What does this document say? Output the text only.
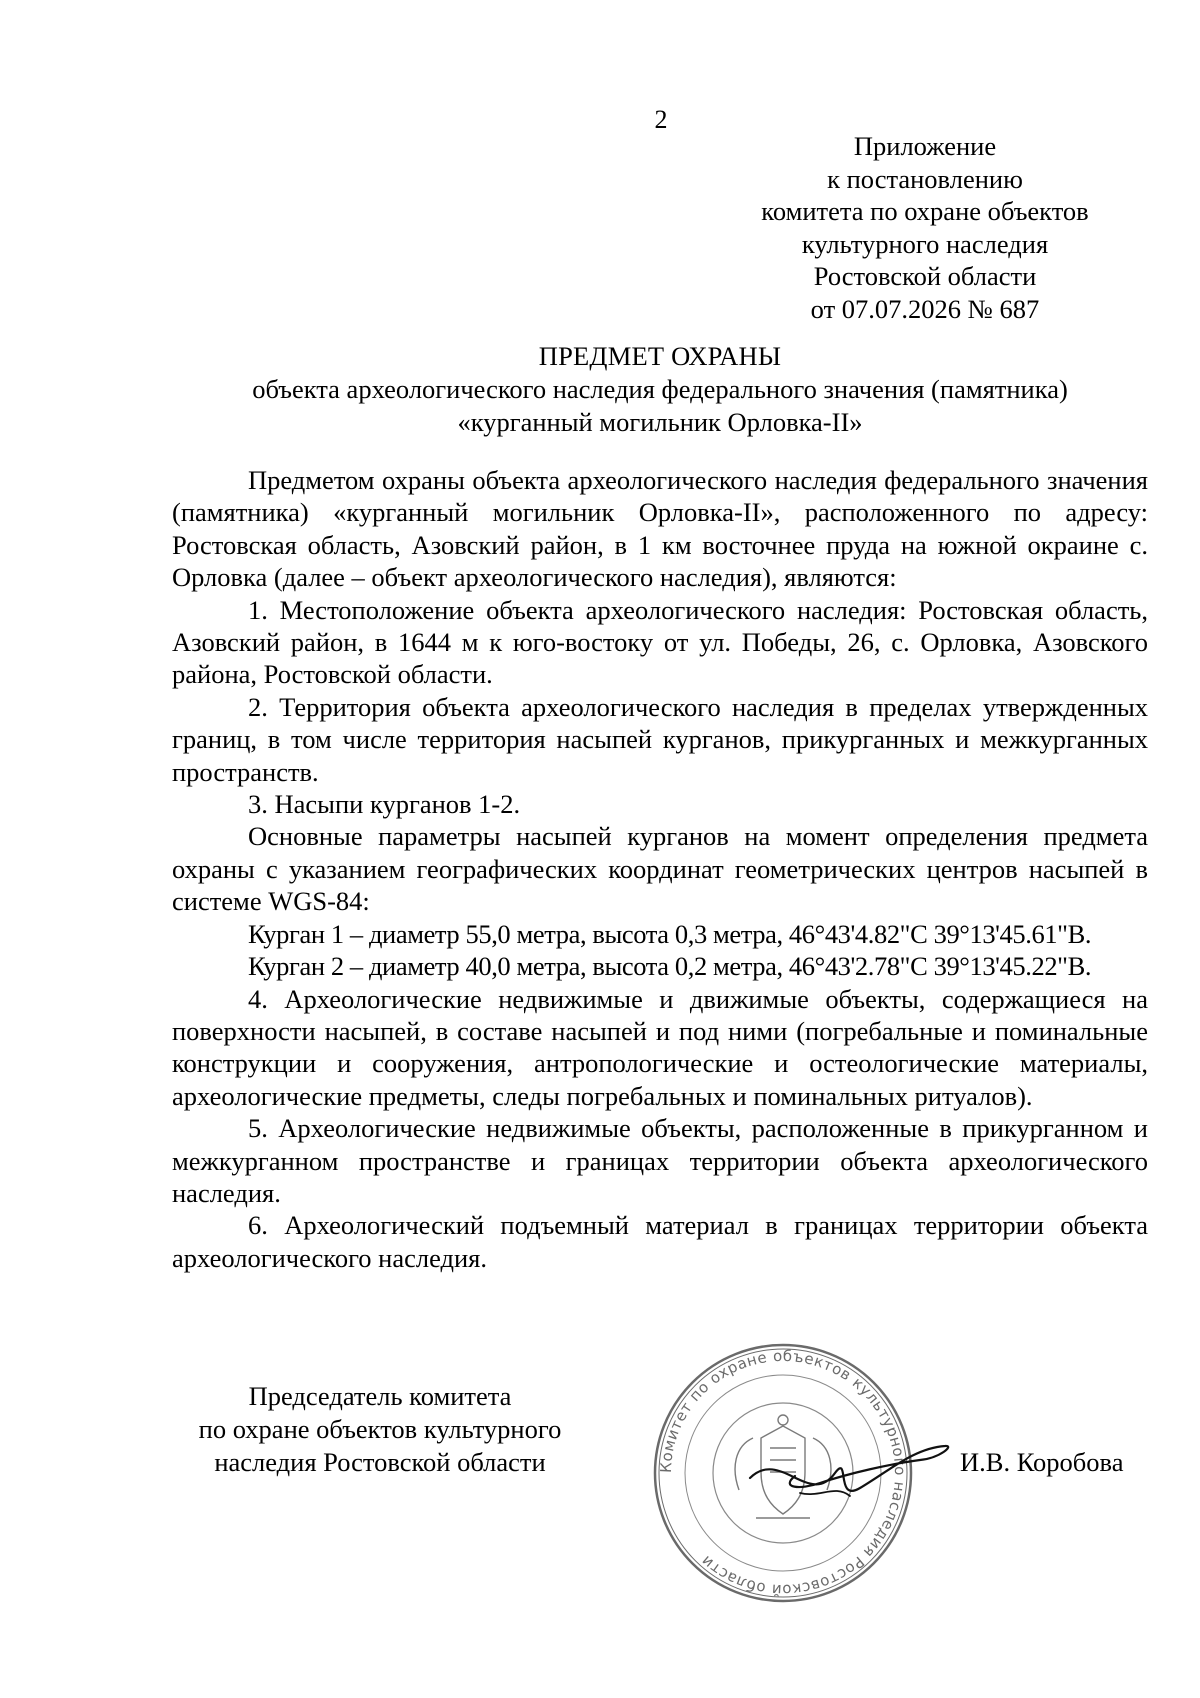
2
Приложение
к постановлению
комитета по охране объектов
культурного наследия
Ростовской области
от 07.07.2026 № 687
ПРЕДМЕТ ОХРАНЫ
объекта археологического наследия федерального значения (памятника)
«курганный могильник Орловка-II»

Предметом охраны объекта археологического наследия федерального значения (памятника) «курганный могильник Орловка-II», расположенного по адресу: Ростовская область, Азовский район, в 1 км восточнее пруда на южной окраине с. Орловка (далее – объект археологического наследия), являются:

1. Местоположение объекта археологического наследия: Ростовская область, Азовский район, в 1644 м к юго-востоку от ул. Победы, 26, с. Орловка, Азовского района, Ростовской области.

2. Территория объекта археологического наследия в пределах утвержденных границ, в том числе территория насыпей курганов, прикурганных и межкурганных пространств.

3. Насыпи курганов 1-2.

Основные параметры насыпей курганов на момент определения предмета охраны с указанием географических координат геометрических центров насыпей в системе WGS-84:

Курган 1 – диаметр 55,0 метра, высота 0,3 метра, 46°43'4.82"С 39°13'45.61"В.

Курган 2 – диаметр 40,0 метра, высота 0,2 метра, 46°43'2.78"С 39°13'45.22"В.

4. Археологические недвижимые и движимые объекты, содержащиеся на поверхности насыпей, в составе насыпей и под ними (погребальные и поминальные конструкции и сооружения, антропологические и остеологические материалы, археологические предметы, следы погребальных и поминальных ритуалов).

5. Археологические недвижимые объекты, расположенные в прикурганном и межкурганном пространстве и границах территории объекта археологического наследия.

6. Археологический подъемный материал в границах территории объекта археологического наследия.

Председатель комитета
по охране объектов культурного
наследия Ростовской области	Комитет по охране объектов культурного наследия Ростовской области
И.В. Коробова
